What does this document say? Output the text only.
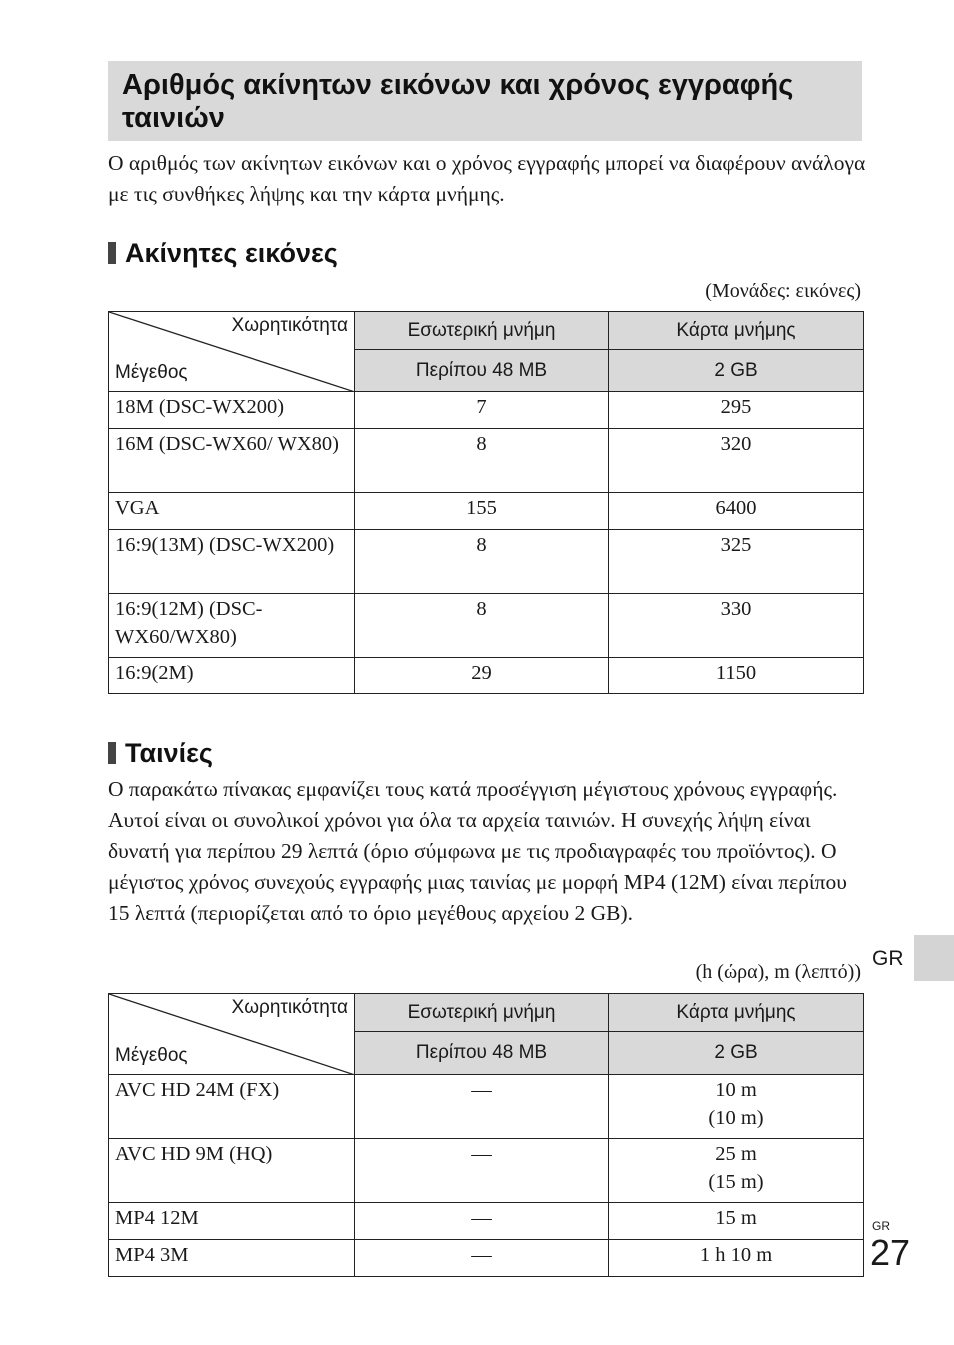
Αριθμός ακίνητων εικόνων και χρόνος εγγραφής ταινιών

Ο αριθμός των ακίνητων εικόνων και ο χρόνος εγγραφής μπορεί να διαφέρουν ανάλογα με τις συνθήκες λήψης και την κάρτα μνήμης.

Ακίνητες εικόνες
(Μονάδες: εικόνες)
Χωρητικότητα
Μέγεθος	Εσωτερική μνήμη	Κάρτα μνήμης
	Περίπου 48 MB	2 GB
18M (DSC-WX200)	7	295

16M (DSC-WX60/ WX80)	8	320

VGA	155	6400

16:9(13M) (DSC-WX200)	8	325

16:9(12M) (DSC-WX60/WX80)	8	330

16:9(2M)	29	1150
Ταινίες

Ο παρακάτω πίνακας εμφανίζει τους κατά προσέγγιση μέγιστους χρόνους εγγραφής. Αυτοί είναι οι συνολικοί χρόνοι για όλα τα αρχεία ταινιών. Η συνεχής λήψη είναι δυνατή για περίπου 29 λεπτά (όριο σύμφωνα με τις προδιαγραφές του προϊόντος). Ο μέγιστος χρόνος συνεχούς εγγραφής μιας ταινίας με μορφή MP4 (12M) είναι περίπου 15 λεπτά (περιορίζεται από το όριο μεγέθους αρχείου 2 GB).

(h (ώρα), m (λεπτό))
Χωρητικότητα
Μέγεθος	Εσωτερική μνήμη	Κάρτα μνήμης
	Περίπου 48 MB	2 GB
AVC HD 24M (FX)	—	10 m
(10 m)

AVC HD 9M (HQ)	—	25 m
(15 m)

MP4 12M	—	15 m

MP4 3M	—	1 h 10 m
GR
GR
27
